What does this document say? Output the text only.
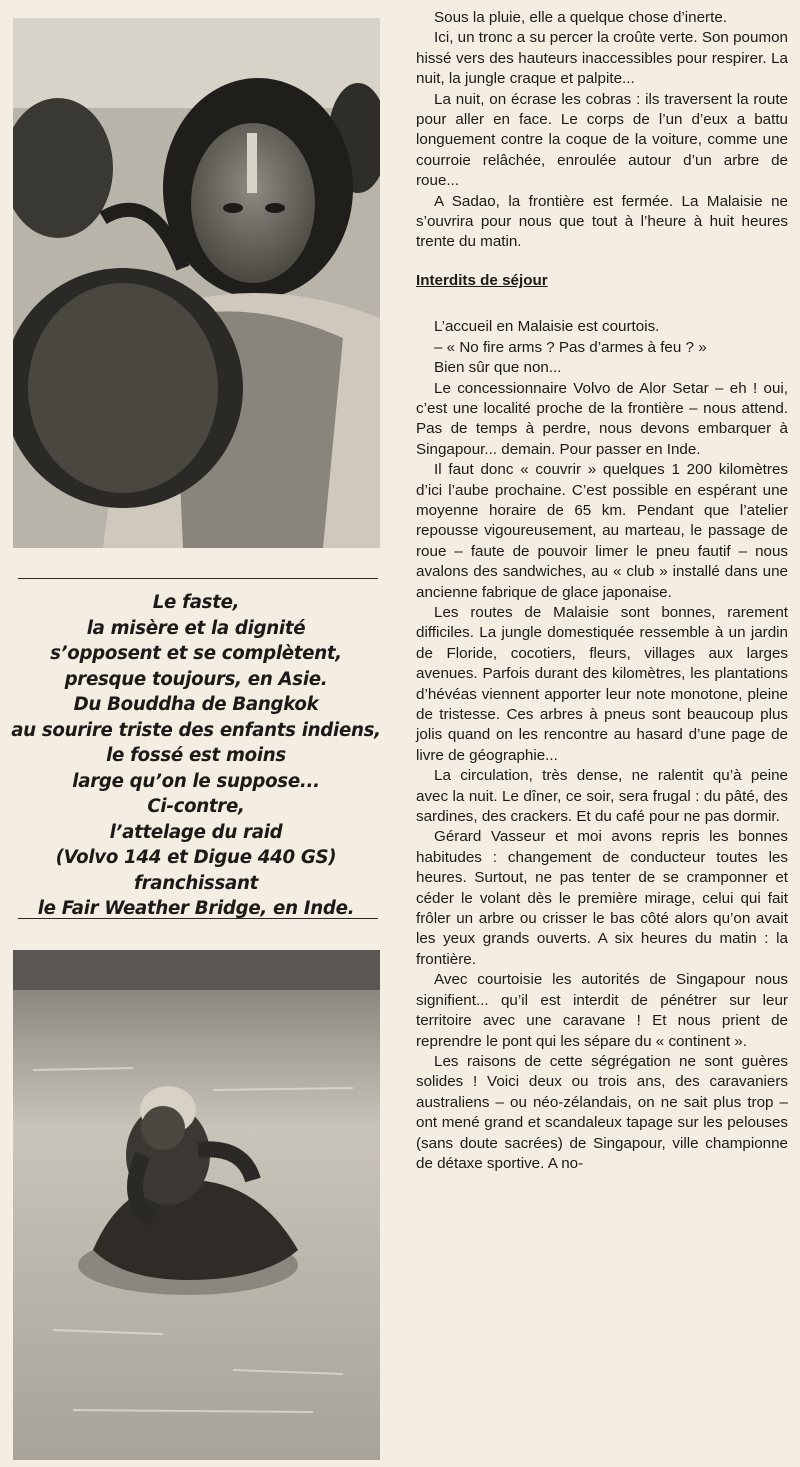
Le faste,
la misère et la dignité
s’opposent et se complètent,
presque toujours, en Asie.
Du Bouddha de Bangkok
au sourire triste des enfants indiens,
le fossé est moins
large qu’on le suppose...
Ci-contre,
l’attelage du raid
(Volvo 144 et Digue 440 GS)
franchissant
le Fair Weather Bridge, en Inde.

Sous la pluie, elle a quelque chose d’inerte.

Ici, un tronc a su percer la croûte verte. Son poumon hissé vers des hauteurs inaccessibles pour respirer. La nuit, la jungle craque et palpite...

La nuit, on écrase les cobras : ils traversent la route pour aller en face. Le corps de l’un d’eux a battu longuement contre la coque de la voiture, comme une courroie relâchée, enroulée autour d’un arbre de roue...

A Sadao, la frontière est fermée. La Malaisie ne s’ouvrira pour nous que tout à l’heure à huit heures trente du matin.

Interdits de séjour

L’accueil en Malaisie est courtois.

– « No fire arms ? Pas d’armes à feu ? »

Bien sûr que non...

Le concessionnaire Volvo de Alor Setar – eh ! oui, c’est une localité proche de la frontière – nous attend. Pas de temps à perdre, nous devons embarquer à Singapour... demain. Pour passer en Inde.

Il faut donc « couvrir » quelques 1 200 kilomètres d’ici l’aube prochaine. C’est possible en espérant une moyenne horaire de 65 km. Pendant que l’atelier repousse vigoureusement, au marteau, le passage de roue – faute de pouvoir limer le pneu fautif – nous avalons des sandwiches, au « club » installé dans une ancienne fabrique de glace japonaise.

Les routes de Malaisie sont bonnes, rarement difficiles. La jungle domestiquée ressemble à un jardin de Floride, cocotiers, fleurs, villages aux larges avenues. Parfois durant des kilomètres, les plantations d’hévéas viennent apporter leur note monotone, pleine de tristesse. Ces arbres à pneus sont beaucoup plus jolis quand on les rencontre au hasard d’une page de livre de géographie...

La circulation, très dense, ne ralentit qu’à peine avec la nuit. Le dîner, ce soir, sera frugal : du pâté, des sardines, des crackers. Et du café pour ne pas dormir.

Gérard Vasseur et moi avons repris les bonnes habitudes : changement de conducteur toutes les heures. Surtout, ne pas tenter de se cramponner et céder le volant dès le première mirage, celui qui fait frôler un arbre ou crisser le bas côté alors qu’on avait les yeux grands ouverts. A six heures du matin : la frontière.

Avec courtoisie les autorités de Singapour nous signifient... qu’il est interdit de pénétrer sur leur territoire avec une caravane ! Et nous prient de reprendre le pont qui les sépare du « continent ».

Les raisons de cette ségrégation ne sont guères solides ! Voici deux ou trois ans, des caravaniers australiens – ou néo-zélandais, on ne sait plus trop – ont mené grand et scandaleux tapage sur les pelouses (sans doute sacrées) de Singapour, ville championne de détaxe sportive. A no-
